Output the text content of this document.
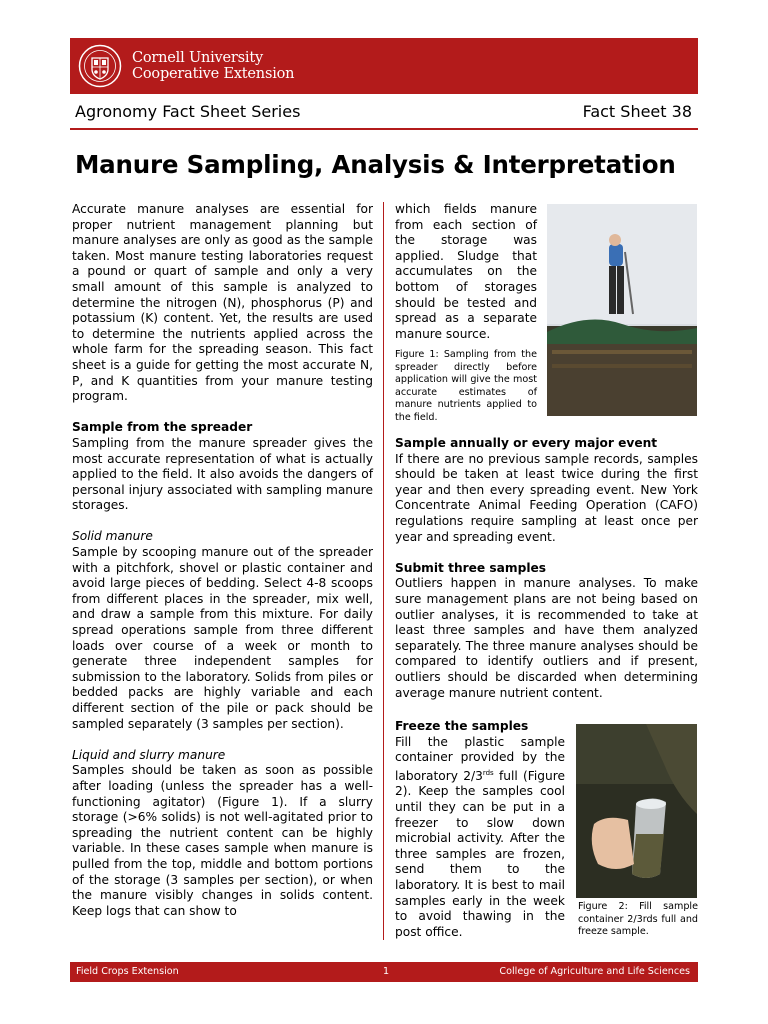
Cornell University
Cooperative Extension
Agronomy Fact Sheet Series	Fact Sheet 38
Manure Sampling, Analysis & Interpretation

Accurate manure analyses are essential for proper nutrient management planning but manure analyses are only as good as the sample taken. Most manure testing laboratories request a pound or quart of sample and only a very small amount of this sample is analyzed to determine the nitrogen (N), phosphorus (P) and potassium (K) content. Yet, the results are used to determine the nutrients applied across the whole farm for the spreading season. This fact sheet is a guide for getting the most accurate N, P, and K quantities from your manure testing program.

Sample from the spreader

Sampling from the manure spreader gives the most accurate representation of what is actually applied to the field. It also avoids the dangers of personal injury associated with sampling manure storages.

Solid manure

Sample by scooping manure out of the spreader with a pitchfork, shovel or plastic container and avoid large pieces of bedding. Select 4-8 scoops from different places in the spreader, mix well, and draw a sample from this mixture. For daily spread operations sample from three different loads over course of a week or month to generate three independent samples for submission to the laboratory. Solids from piles or bedded packs are highly variable and each different section of the pile or pack should be sampled separately (3 samples per section).

Liquid and slurry manure

Samples should be taken as soon as possible after loading (unless the spreader has a well-functioning agitator) (Figure 1). If a slurry storage (>6% solids) is not well-agitated prior to spreading the nutrient content can be highly variable. In these cases sample when manure is pulled from the top, middle and bottom portions of the storage (3 samples per section), or when the manure visibly changes in solids content. Keep logs that can show to

which fields manure from each section of the storage was applied. Sludge that accumulates on the bottom of storages should be tested and spread as a separate manure source.

Figure 1: Sampling from the spreader directly before application will give the most accurate estimates of manure nutrients applied to the field.
Sample annually or every major event

If there are no previous sample records, samples should be taken at least twice during the first year and then every spreading event. New York Concentrate Animal Feeding Operation (CAFO) regulations require sampling at least once per year and spreading event.

Submit three samples

Outliers happen in manure analyses. To make sure management plans are not being based on outlier analyses, it is recommended to take at least three samples and have them analyzed separately. The three manure analyses should be compared to identify outliers and if present, outliers should be discarded when determining average manure nutrient content.

Freeze the samples

Fill the plastic sample container provided by the laboratory $2/3^{rds}$ full (Figure 2). Keep the samples cool until they can be put in a freezer to slow down microbial activity. After the three samples are frozen, send them to the laboratory. It is best to mail samples early in the week to avoid thawing in the post office.

Figure 2: Fill sample container 2/3rds full and freeze sample.
Field Crops Extension	1	College of Agriculture and Life Sciences
